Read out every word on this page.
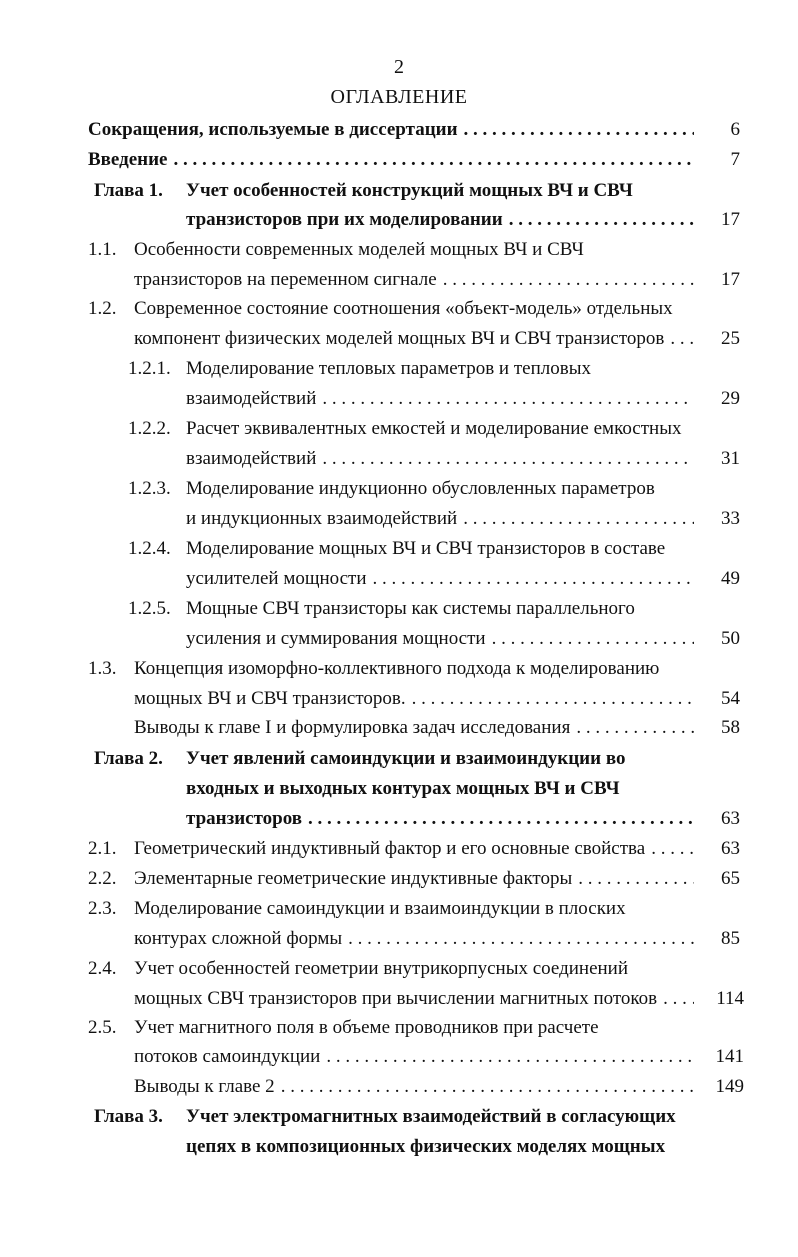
2
ОГЛАВЛЕНИЕ
Сокращения, используемые в диссертации . . .	6
Введение . . .	7
Глава 1. Учет особенностей конструкций мощных ВЧ и СВЧ
транзисторов при их моделировании . . .	17
1.1. Особенности современных моделей мощных ВЧ и СВЧ
транзисторов на переменном сигнале . . .	17
1.2. Современное состояние соотношения «объект-модель» отдельных
компонент физических моделей мощных ВЧ и СВЧ транзисторов . . .	25
1.2.1. Моделирование тепловых параметров и тепловых
взаимодействий . . .	29
1.2.2. Расчет эквивалентных емкостей и моделирование емкостных
взаимодействий . . .	31
1.2.3. Моделирование индукционно обусловленных параметров
и индукционных взаимодействий . . .	33
1.2.4. Моделирование мощных ВЧ и СВЧ транзисторов в составе
усилителей мощности . . .	49
1.2.5. Мощные СВЧ транзисторы как системы параллельного
усиления и суммирования мощности . . .	50
1.3. Концепция изоморфно-коллективного подхода к моделированию
мощных ВЧ и СВЧ транзисторов. . . .	54
Выводы к главе I и формулировка задач исследования . . .	58
Глава 2. Учет явлений самоиндукции и взаимоиндукции во
входных и выходных контурах мощных ВЧ и СВЧ
транзисторов . . .	63
2.1. Геометрический индуктивный фактор и его основные свойства . . .	63
2.2. Элементарные геометрические индуктивные факторы . . .	65
2.3. Моделирование самоиндукции и взаимоиндукции в плоских
контурах сложной формы . . .	85
2.4. Учет особенностей геометрии внутрикорпусных соединений
мощных СВЧ транзисторов при вычислении магнитных потоков . . .	114
2.5. Учет магнитного поля в объеме проводников при расчете
потоков самоиндукции . . .	141
Выводы к главе 2 . . .	149
Глава 3. Учет электромагнитных взаимодействий в согласующих
цепях в композиционных физических моделях мощных
